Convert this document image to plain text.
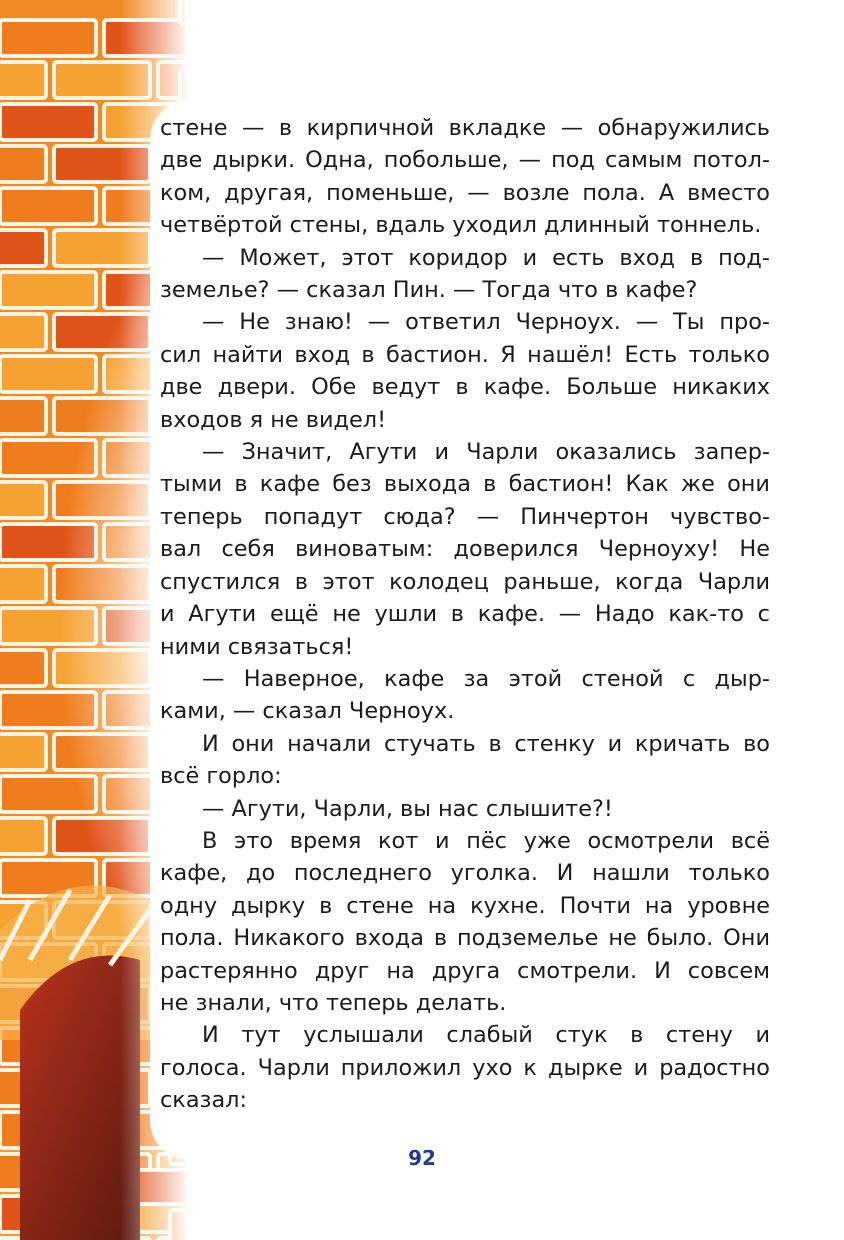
стене — в кирпичной вкладке — обнаружились
две дырки. Одна, побольше, — под самым потол-
ком, другая, поменьше, — возле пола. А вместо
четвёртой стены, вдаль уходил длинный тоннель.
— Может, этот коридор и есть вход в под-
земелье? — сказал Пин. — Тогда что в кафе?
— Не знаю! — ответил Черноух. — Ты про-
сил найти вход в бастион. Я нашёл! Есть только
две двери. Обе ведут в кафе. Больше никаких
входов я не видел!
— Значит, Агути и Чарли оказались запер-
тыми в кафе без выхода в бастион! Как же они
теперь попадут сюда? — Пинчертон чувство-
вал себя виноватым: доверился Черноуху! Не
спустился в этот колодец раньше, когда Чарли
и Агути ещё не ушли в кафе. — Надо как-то с
ними связаться!
— Наверное, кафе за этой стеной с дыр-
ками, — сказал Черноух.
И они начали стучать в стенку и кричать во
всё горло:
— Агути, Чарли, вы нас слышите?!
В это время кот и пёс уже осмотрели всё
кафе, до последнего уголка. И нашли только
одну дырку в стене на кухне. Почти на уровне
пола. Никакого входа в подземелье не было. Они
растерянно друг на друга смотрели. И совсем
не знали, что теперь делать.
И тут услышали слабый стук в стену и
голоса. Чарли приложил ухо к дырке и радостно
сказал:
92
